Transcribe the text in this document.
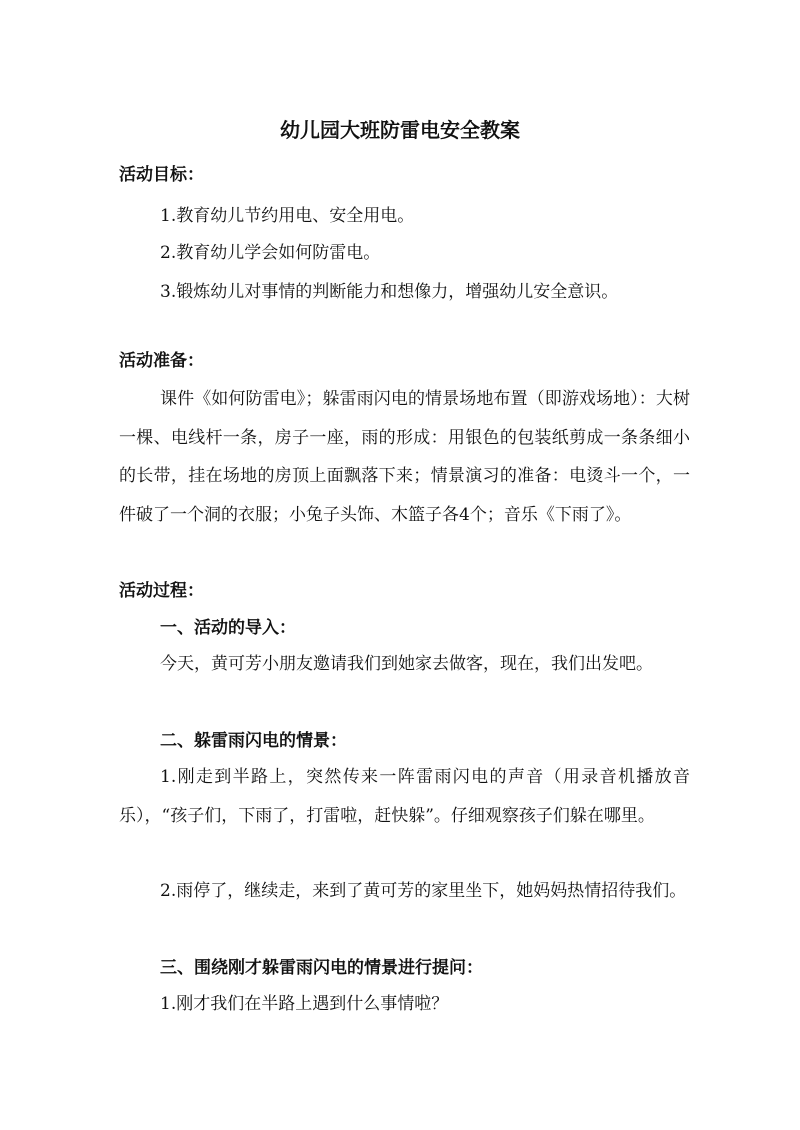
幼儿园大班防雷电安全教案
活动目标：
1.教育幼儿节约用电、安全用电。
2.教育幼儿学会如何防雷电。
3.锻炼幼儿对事情的判断能力和想像力，增强幼儿安全意识。
活动准备：
课件《如何防雷电》；躲雷雨闪电的情景场地布置（即游戏场地）：大树一棵、电线杆一条，房子一座，雨的形成：用银色的包装纸剪成一条条细小的长带，挂在场地的房顶上面飘落下来；情景演习的准备：电烫斗一个，一件破了一个洞的衣服；小兔子头饰、木篮子各4个；音乐《下雨了》。
活动过程：
一、活动的导入：
今天，黄可芳小朋友邀请我们到她家去做客，现在，我们出发吧。
二、躲雷雨闪电的情景：
1.刚走到半路上，突然传来一阵雷雨闪电的声音（用录音机播放音乐），“孩子们，下雨了，打雷啦，赶快躲”。仔细观察孩子们躲在哪里。
2.雨停了，继续走，来到了黄可芳的家里坐下，她妈妈热情招待我们。
三、围绕刚才躲雷雨闪电的情景进行提问：
1.刚才我们在半路上遇到什么事情啦？
